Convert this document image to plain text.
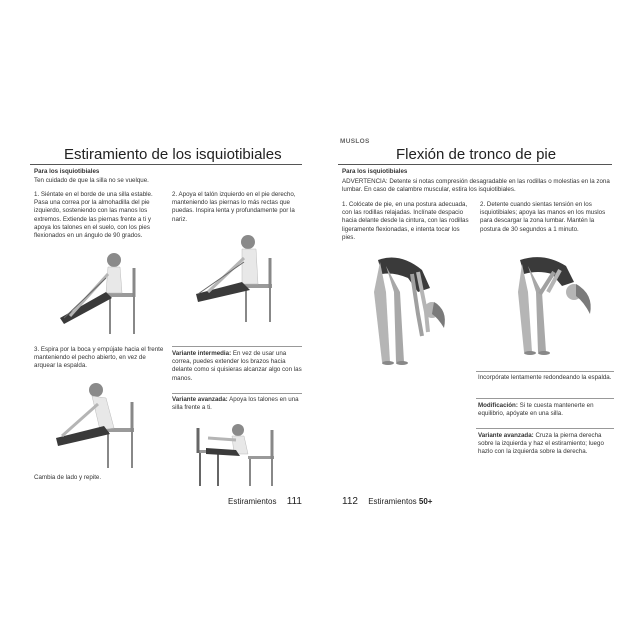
Estiramiento de los isquiotibiales
Para los isquiotibiales
Ten cuidado de que la silla no se vuelque.
1. Siéntate en el borde de una silla estable. Pasa una correa por la almohadilla del pie izquierdo, sosteniendo con las manos los extremos. Extiende las piernas frente a ti y apoya los talones en el suelo, con los pies flexionados en un ángulo de 90 grados.
2. Apoya el talón izquierdo en el pie derecho, manteniendo las piernas lo más rectas que puedas. Inspira lenta y profundamente por la nariz.
3. Espira por la boca y empújate hacia el frente manteniendo el pecho abierto, en vez de arquear la espalda.
Variante intermedia: En vez de usar una correa, puedes extender los brazos hacia delante como si quisieras alcanzar algo con las manos.
Variante avanzada: Apoya los talones en una silla frente a ti.
Cambia de lado y repite.
Estiramientos 111
MUSLOS
Flexión de tronco de pie
Para los isquiotibiales
ADVERTENCIA: Detente si notas compresión desagradable en las rodillas o molestias en la zona lumbar. En caso de calambre muscular, estira los isquiotibiales.
1. Colócate de pie, en una postura adecuada, con las rodillas relajadas. Inclínate despacio hacia delante desde la cintura, con las rodillas ligeramente flexionadas, e intenta tocar los pies.
2. Detente cuando sientas tensión en los isquiotibiales; apoya las manos en los muslos para descargar la zona lumbar. Mantén la postura de 30 segundos a 1 minuto.
Incorpórate lentamente redondeando la espalda.
Modificación: Si te cuesta mantenerte en equilibrio, apóyate en una silla.
Variante avanzada: Cruza la pierna derecha sobre la izquierda y haz el estiramiento; luego hazlo con la izquierda sobre la derecha.
112 Estiramientos 50+
